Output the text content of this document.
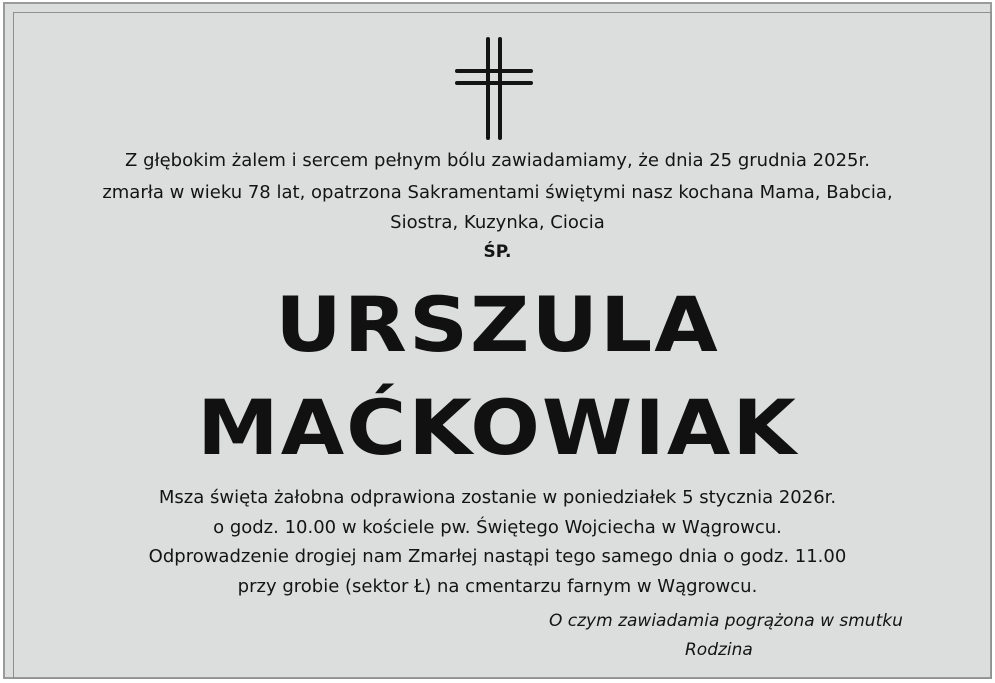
Z głębokim żalem i sercem pełnym bólu zawiadamiamy, że dnia 25 grudnia 2025r.
zmarła w wieku 78 lat, opatrzona Sakramentami świętymi nasz kochana Mama, Babcia,
Siostra, Kuzynka, Ciocia
ŚP.
URSZULA
MAĆKOWIAK
Msza święta żałobna odprawiona zostanie w poniedziałek 5 stycznia 2026r.
o godz. 10.00 w kościele pw. Świętego Wojciecha w Wągrowcu.
Odprowadzenie drogiej nam Zmarłej nastąpi tego samego dnia o godz. 11.00
przy grobie (sektor Ł) na cmentarzu farnym w Wągrowcu.
O czym zawiadamia pogrążona w smutku
Rodzina
